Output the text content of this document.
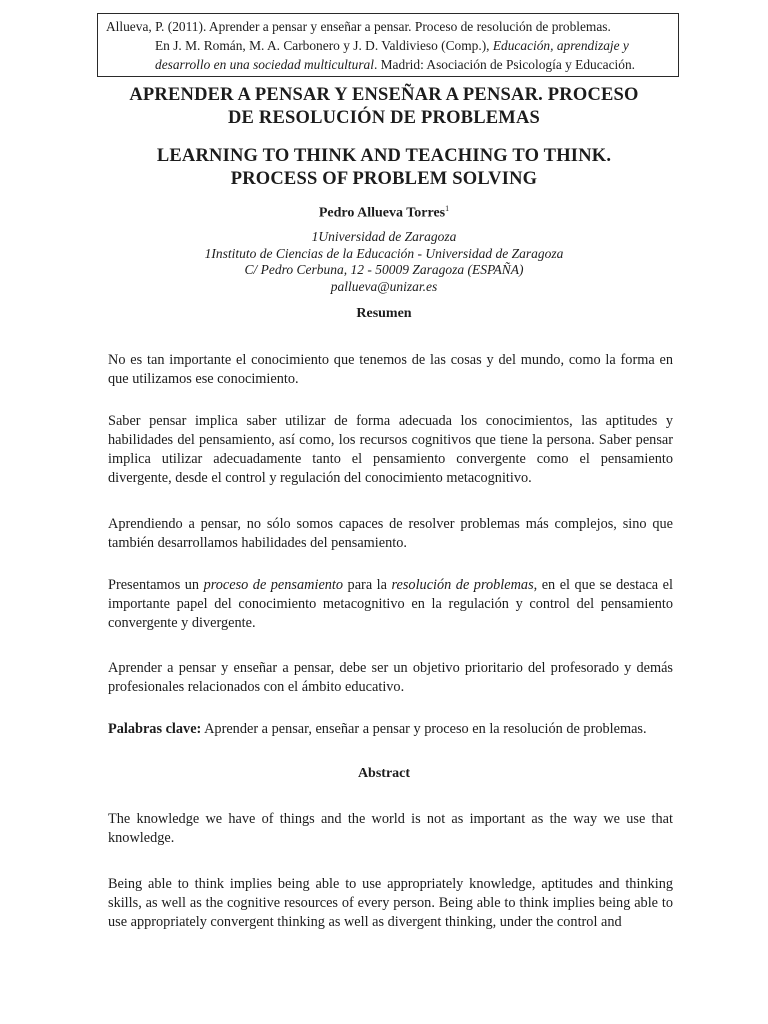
Allueva, P. (2011). Aprender a pensar y enseñar a pensar. Proceso de resolución de problemas.
En J. M. Román, M. A. Carbonero y J. D. Valdivieso (Comp.), Educación, aprendizaje y
desarrollo en una sociedad multicultural. Madrid: Asociación de Psicología y Educación.
APRENDER A PENSAR Y ENSEÑAR A PENSAR. PROCESO
DE RESOLUCIÓN DE PROBLEMAS
LEARNING TO THINK AND TEACHING TO THINK.
PROCESS OF PROBLEM SOLVING
Pedro Allueva Torres$^1$
1Universidad de Zaragoza
1Instituto de Ciencias de la Educación - Universidad de Zaragoza
C/ Pedro Cerbuna, 12 - 50009 Zaragoza (ESPAÑA)
pallueva@unizar.es
Resumen
No es tan importante el conocimiento que tenemos de las cosas y del mundo, como la forma en que utilizamos ese conocimiento.
Saber pensar implica saber utilizar de forma adecuada los conocimientos, las aptitudes y habilidades del pensamiento, así como, los recursos cognitivos que tiene la persona. Saber pensar implica utilizar adecuadamente tanto el pensamiento convergente como el pensamiento divergente, desde el control y regulación del conocimiento metacognitivo.
Aprendiendo a pensar, no sólo somos capaces de resolver problemas más complejos, sino que también desarrollamos habilidades del pensamiento.
Presentamos un proceso de pensamiento para la resolución de problemas, en el que se destaca el importante papel del conocimiento metacognitivo en la regulación y control del pensamiento convergente y divergente.
Aprender a pensar y enseñar a pensar, debe ser un objetivo prioritario del profesorado y demás profesionales relacionados con el ámbito educativo.
Palabras clave: Aprender a pensar, enseñar a pensar y proceso en la resolución de problemas.
Abstract
The knowledge we have of things and the world is not as important as the way we use that knowledge.
Being able to think implies being able to use appropriately knowledge, aptitudes and thinking skills, as well as the cognitive resources of every person. Being able to think implies being able to use appropriately convergent thinking as well as divergent thinking, under the control and
